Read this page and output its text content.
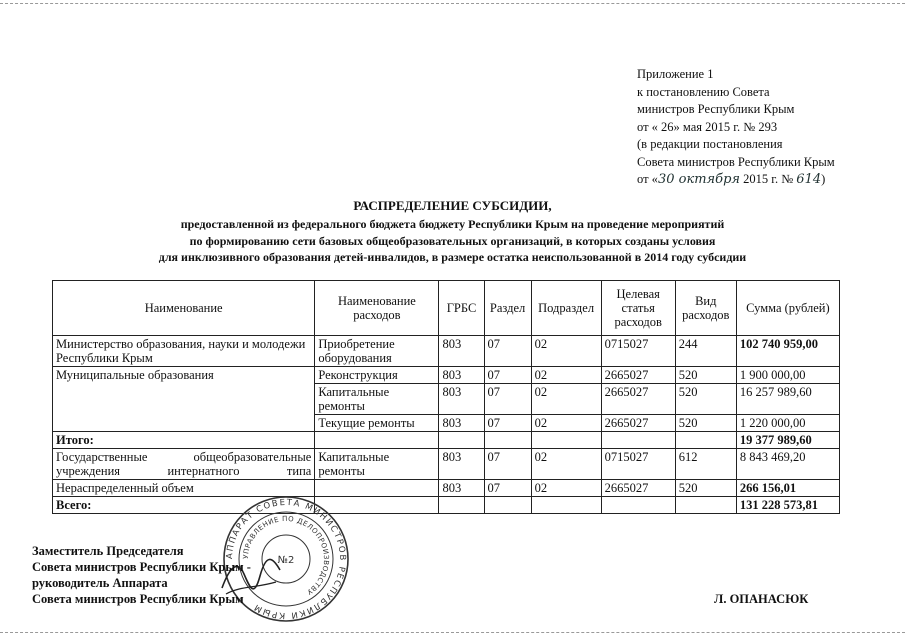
Приложение 1
к постановлению Совета
министров Республики Крым
от « 26» мая 2015 г. № 293
(в редакции постановления
Совета министров Республики Крым
от «30 октября 2015 г. № 614)
РАСПРЕДЕЛЕНИЕ СУБСИДИИ,
предоставленной из федерального бюджета бюджету Республики Крым на проведение мероприятий
по формированию сети базовых общеобразовательных организаций, в которых созданы условия
для инклюзивного образования детей-инвалидов, в размере остатка неиспользованной в 2014 году субсидии
Наименование	Наименование расходов	ГРБС	Раздел	Подраздел	Целевая статья расходов	Вид расходов	Сумма (рублей)
Министерство образования, науки и молодежи Республики Крым	Приобретение оборудования	803	07	02	0715027	244	102 740 959,00
Муниципальные образования	Реконструкция	803	07	02	2665027	520	1 900 000,00
	Капитальные ремонты	803	07	02	2665027	520	16 257 989,60
	Текущие ремонты	803	07	02	2665027	520	1 220 000,00
Итого:							19 377 989,60
Государственные общеобразовательные учреждения интернатного типа	Капитальные ремонты	803	07	02	0715027	612	8 843 469,20
Нераспределенный объем		803	07	02	2665027	520	266 156,01
Всего:							131 228 573,81
АППАРАТ СОВЕТА МИНИСТРОВ РЕСПУБЛИКИ КРЫМ
УПРАВЛЕНИЕ ПО ДЕЛОПРОИЗВОДСТВУ
№2
Заместитель Председателя
Совета министров Республики Крым -
руководитель Аппарата
Совета министров Республики Крым	Л. ОПАНАСЮК
